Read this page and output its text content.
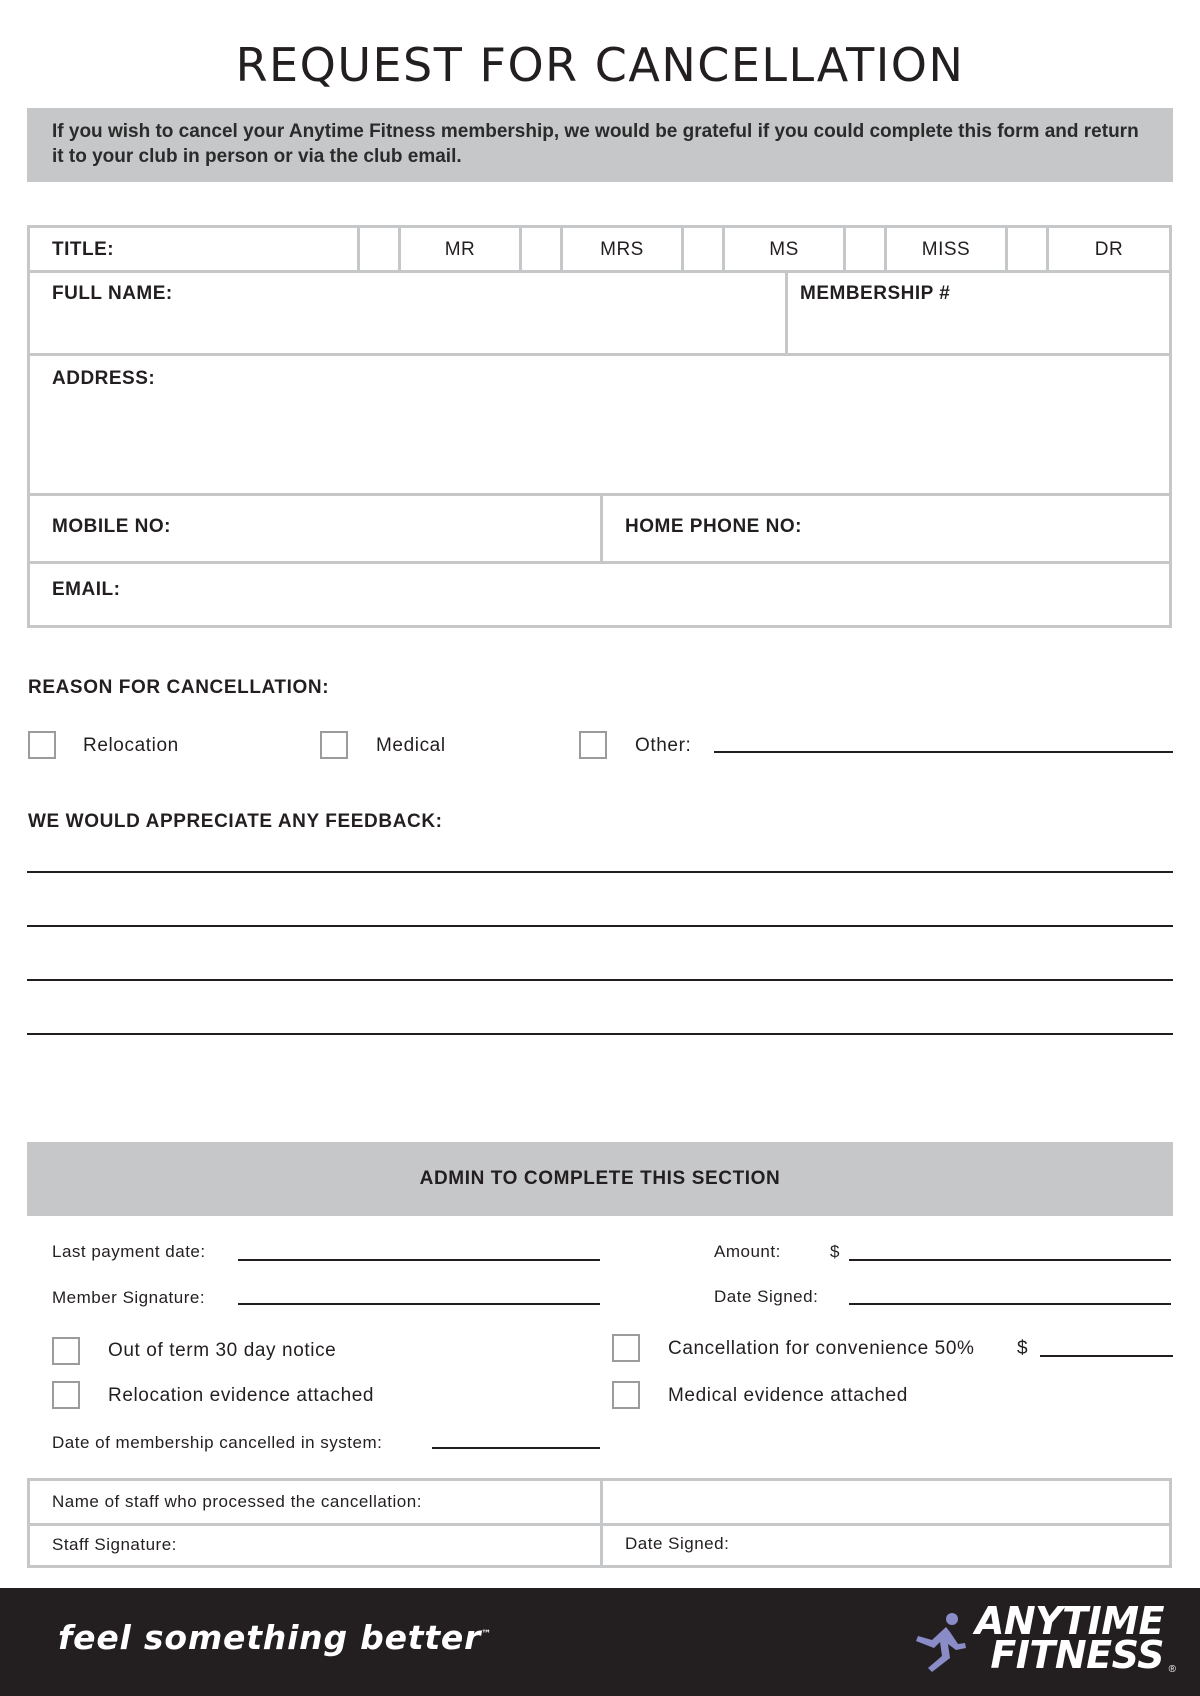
REQUEST FOR CANCELLATION
If you wish to cancel your Anytime Fitness membership, we would be grateful if you could complete this form and return it to your club in person or via the club email.
TITLE:	MR	MRS	MS	MISS	DR
FULL NAME:	MEMBERSHIP #
ADDRESS:
MOBILE NO:	HOME PHONE NO:
EMAIL:
REASON FOR CANCELLATION:
Relocation	Medical	Other:
WE WOULD APPRECIATE ANY FEEDBACK:
ADMIN TO COMPLETE THIS SECTION
Last payment date:	Amount:	$
Member Signature:	Date Signed:
Out of term 30 day notice	Cancellation for convenience 50% $
Relocation evidence attached	Medical evidence attached
Date of membership cancelled in system:
Name of staff who processed the cancellation:
Staff Signature:	Date Signed:
feel something better™	ANYTIME
FITNESS ®
